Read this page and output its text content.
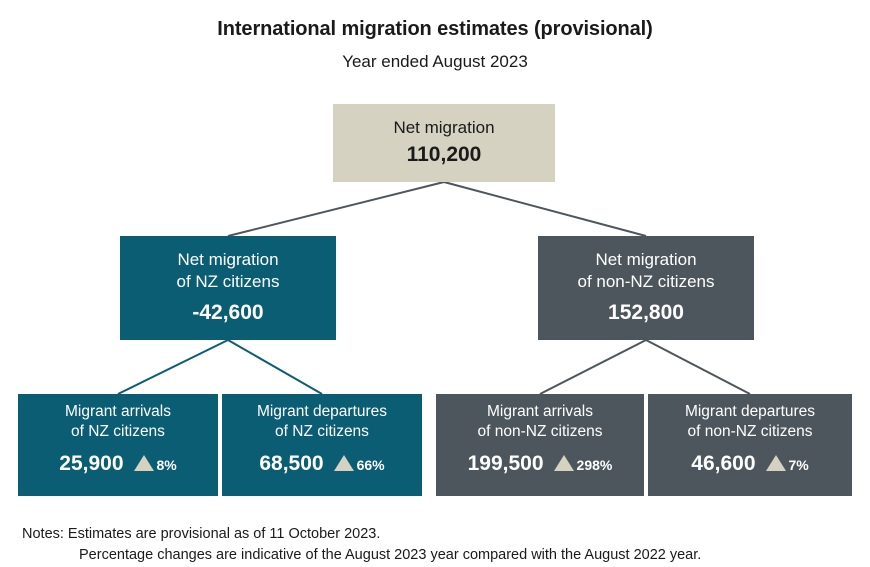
International migration estimates (provisional)
Year ended August 2023
Net migration
110,200
Net migration
of NZ citizens
-42,600
Net migration
of non-NZ citizens
152,800
Migrant arrivals
of NZ citizens
25,900	8%
Migrant departures
of NZ citizens
68,500	66%
Migrant arrivals
of non-NZ citizens
199,500	298%
Migrant departures
of non-NZ citizens
46,600	7%
Notes: Estimates are provisional as of 11 October 2023.
Percentage changes are indicative of the August 2023 year compared with the August 2022 year.
